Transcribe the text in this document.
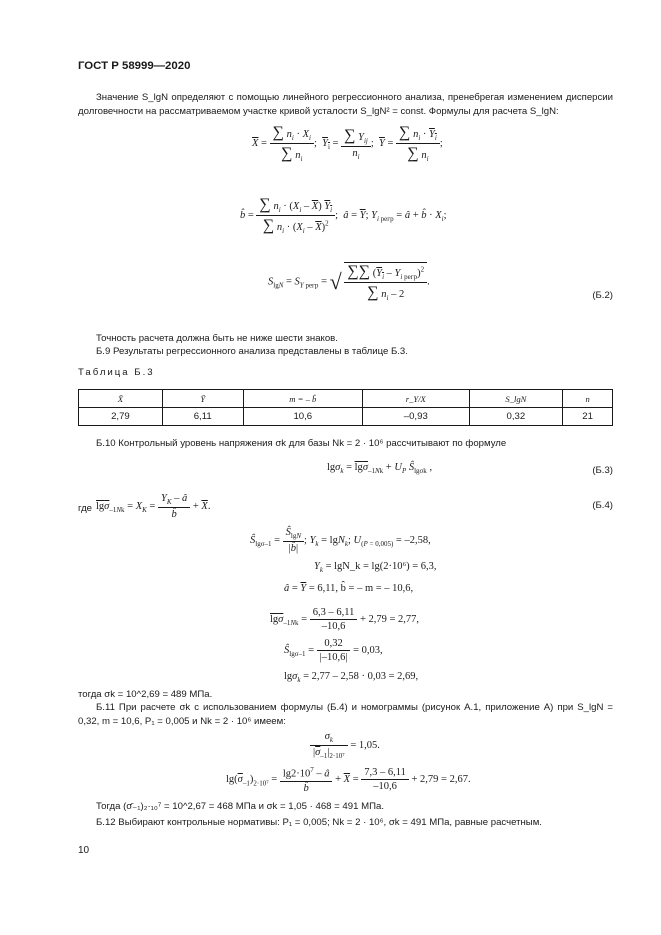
ГОСТ Р 58999—2020
Значение S_lgN определяют с помощью линейного регрессионного анализа, пренебрегая изменением дисперсии долговечности на рассматриваемом участке кривой усталости S_lgN² = const. Формулы для расчета S_lgN:
$\overline{X} = \frac{\sum n_i \cdot X_i}{\sum n_i}$ ;  $Y_i = \frac{\sum Y_{ij}}{n_i}$ ;  $\overline{Y} = \frac{\sum n_i \cdot Y_i}{\sum n_i}$ ;
b̂ = $\frac{\sum n_i \cdot (X_i - \overline{X}) Y_i}{\sum n_i \cdot (X_i - \overline{X})^2}$ ;  â = $\overline{Y}$; $Y_i$ $_{регр}$ = â + b̂ · $X_i$;
$S_{lgN} = S_{Y регр}$ = √ $\frac{\sum\sum (Y_i - Y_i _{регр})^2}{\sum n_i - 2}$ .
(Б.2)
Точность расчета должна быть не ниже шести знаков.
Б.9 Результаты регрессионного анализа представлены в таблице Б.3.
Таблица Б.3
X̄	Ȳ	m = – b̂	r_Y/X	S_lgN	n
2,79	6,11	10,6	–0,93	0,32	21
Б.10 Контрольный уровень напряжения σk для базы Nk = 2 · 10⁶ рассчитывают по формуле
$\lg\sigma_k = \lg\sigma_{-1Nk} + U_P$ $Ŝ_{lg\sigma k}$ ,	(Б.3)
где $\lg\sigma_{-1Nk} = X_K = \frac{Y_K - â}{b̂} + \overline{X}$.	(Б.4)
$Ŝ_{lg\sigma-1} = \frac{Ŝ_{lgN}}{|b̂|}$ ; $Y_k = \lg N_k$; $U_{(P = 0,005)} = -2,58$,
$Y_k$ = lgN_k = lg(2·10⁶) = 6,3,
â = $\overline{Y} = 6,11$, b̂ = – m = – 10,6,
$\lg\sigma_{-1Nk} = \frac{6,3 - 6,11}{-10,6} + 2,79 = 2,77$,
$Ŝ_{lg\sigma-1} = \frac{0,32}{|-10,6|} = 0,03$,
lgσ$_k$ = 2,77 – 2,58 · 0,03 = 2,69,
тогда σk = 10^2,69 = 489 МПа.
Б.11 При расчете σk с использованием формулы (Б.4) и номограммы (рисунок А.1, приложение А) при S_lgN = 0,32, m = 10,6, P₁ = 0,005 и Nk = 2 · 10⁶ имеем:
$\frac{\sigma_k}{|\overline{\sigma}_{-1}|_{2\cdot 10^7}} = 1,05$.
$\lg(\overline{\sigma}_{-1})_{2\cdot 10^7} = \frac{\lg 2\cdot 10^7 - â}{b̂} + \overline{X} = \frac{7,3 - 6,11}{-10,6} + 2,79 = 2,67$.
Тогда (σ̄₋₁)₂·₁₀⁷ = 10^2,67 = 468 МПа и σk = 1,05 · 468 = 491 МПа.
Б.12 Выбирают контрольные нормативы: P₁ = 0,005; Nk = 2 · 10⁶, σk = 491 МПа, равные расчетным.
10
